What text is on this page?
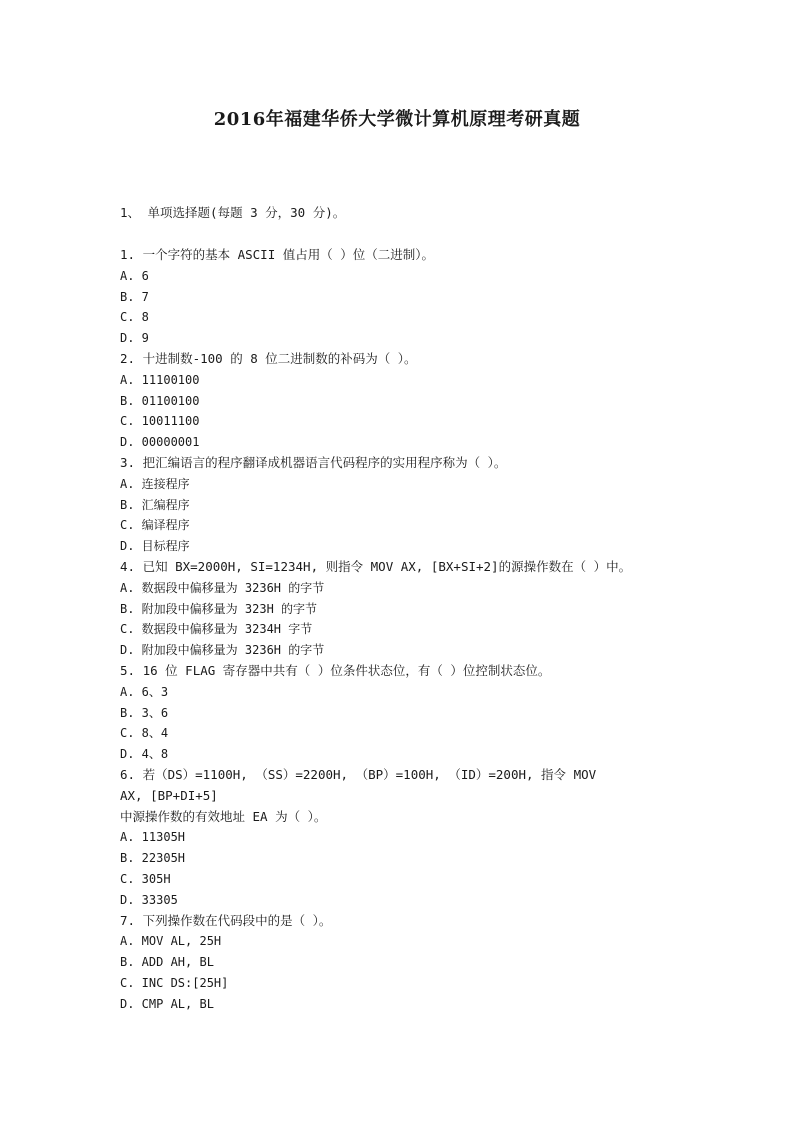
2016年福建华侨大学微计算机原理考研真题
1、 单项选择题(每题 3 分，30 分)。
1. 一个字符的基本 ASCII 值占用（ ）位（二进制）。
A. 6
B. 7
C. 8
D. 9
2. 十进制数-100 的 8 位二进制数的补码为（ ）。
A. 11100100
B. 01100100
C. 10011100
D. 00000001
3. 把汇编语言的程序翻译成机器语言代码程序的实用程序称为（ ）。
A. 连接程序
B. 汇编程序
C. 编译程序
D. 目标程序
4. 已知 BX=2000H, SI=1234H, 则指令 MOV AX, [BX+SI+2]的源操作数在（ ）中。
A. 数据段中偏移量为 3236H 的字节
B. 附加段中偏移量为 323H 的字节
C. 数据段中偏移量为 3234H 字节
D. 附加段中偏移量为 3236H 的字节
5. 16 位 FLAG 寄存器中共有（ ）位条件状态位，有（ ）位控制状态位。
A. 6、3
B. 3、6
C. 8、4
D. 4、8
6. 若（DS）=1100H, （SS）=2200H, （BP）=100H, （ID）=200H, 指令 MOV
AX, [BP+DI+5]
中源操作数的有效地址 EA 为（ ）。
A. 11305H
B. 22305H
C. 305H
D. 33305
7. 下列操作数在代码段中的是（ ）。
A. MOV AL, 25H
B. ADD AH, BL
C. INC DS:[25H]
D. CMP AL, BL
